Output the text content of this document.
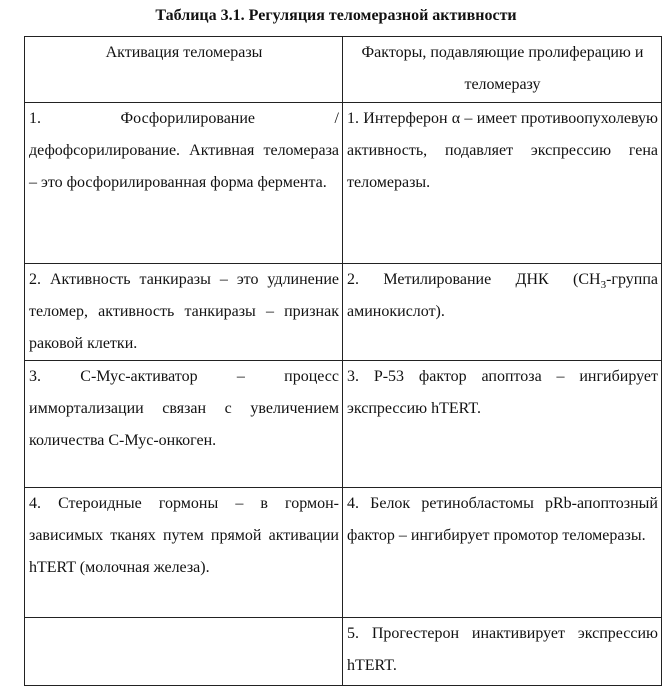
Таблица 3.1. Регуляция теломеразной активности
Активация теломеразы	Факторы, подавляющие пролиферацию и теломеразу
1. Фосфорилирование / дефофсорилирование. Активная теломераза – это фосфорилированная форма фермента.	1. Интерферон α – имеет противоопухолевую активность, подавляет экспрессию гена теломеразы.
2. Активность танкиразы – это удлинение теломер, активность танкиразы – признак раковой клетки.	2. Метилирование ДНК ($СН_3$-группа аминокислот).
3. С-Мус-активатор – процесс иммортализации связан с увеличением количества С-Мус-онкоген.	3. Р-53 фактор апоптоза – ингибирует экспрессию hTERT.
4. Стероидные гормоны – в гормон-зависимых тканях путем прямой активации hTERT (молочная железа).	4. Белок ретинобластомы pRb-апоптозный фактор – ингибирует промотор теломеразы.
	5. Прогестерон инактивирует экспрессию hTERT.
